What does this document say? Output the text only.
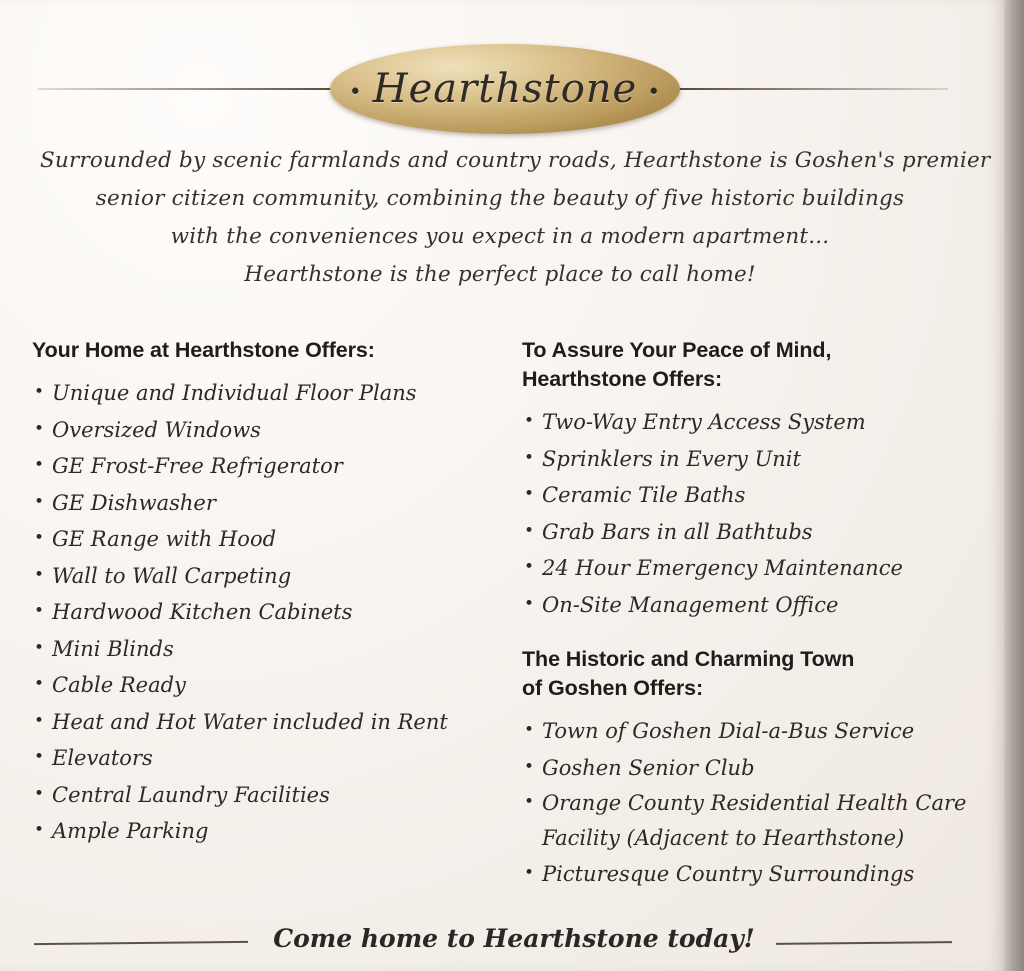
• Hearthstone •
Surrounded by scenic farmlands and country roads, Hearthstone is Goshen's premier
senior citizen community, combining the beauty of five historic buildings
with the conveniences you expect in a modern apartment...
Hearthstone is the perfect place to call home!
Your Home at Hearthstone Offers:
• Unique and Individual Floor Plans
• Oversized Windows
• GE Frost-Free Refrigerator
• GE Dishwasher
• GE Range with Hood
• Wall to Wall Carpeting
• Hardwood Kitchen Cabinets
• Mini Blinds
• Cable Ready
• Heat and Hot Water included in Rent
• Elevators
• Central Laundry Facilities
• Ample Parking
To Assure Your Peace of Mind,
Hearthstone Offers:
• Two-Way Entry Access System
• Sprinklers in Every Unit
• Ceramic Tile Baths
• Grab Bars in all Bathtubs
• 24 Hour Emergency Maintenance
• On-Site Management Office
The Historic and Charming Town
of Goshen Offers:
• Town of Goshen Dial-a-Bus Service
• Goshen Senior Club
• Orange County Residential Health Care Facility (Adjacent to Hearthstone)
• Picturesque Country Surroundings
Come home to Hearthstone today!
